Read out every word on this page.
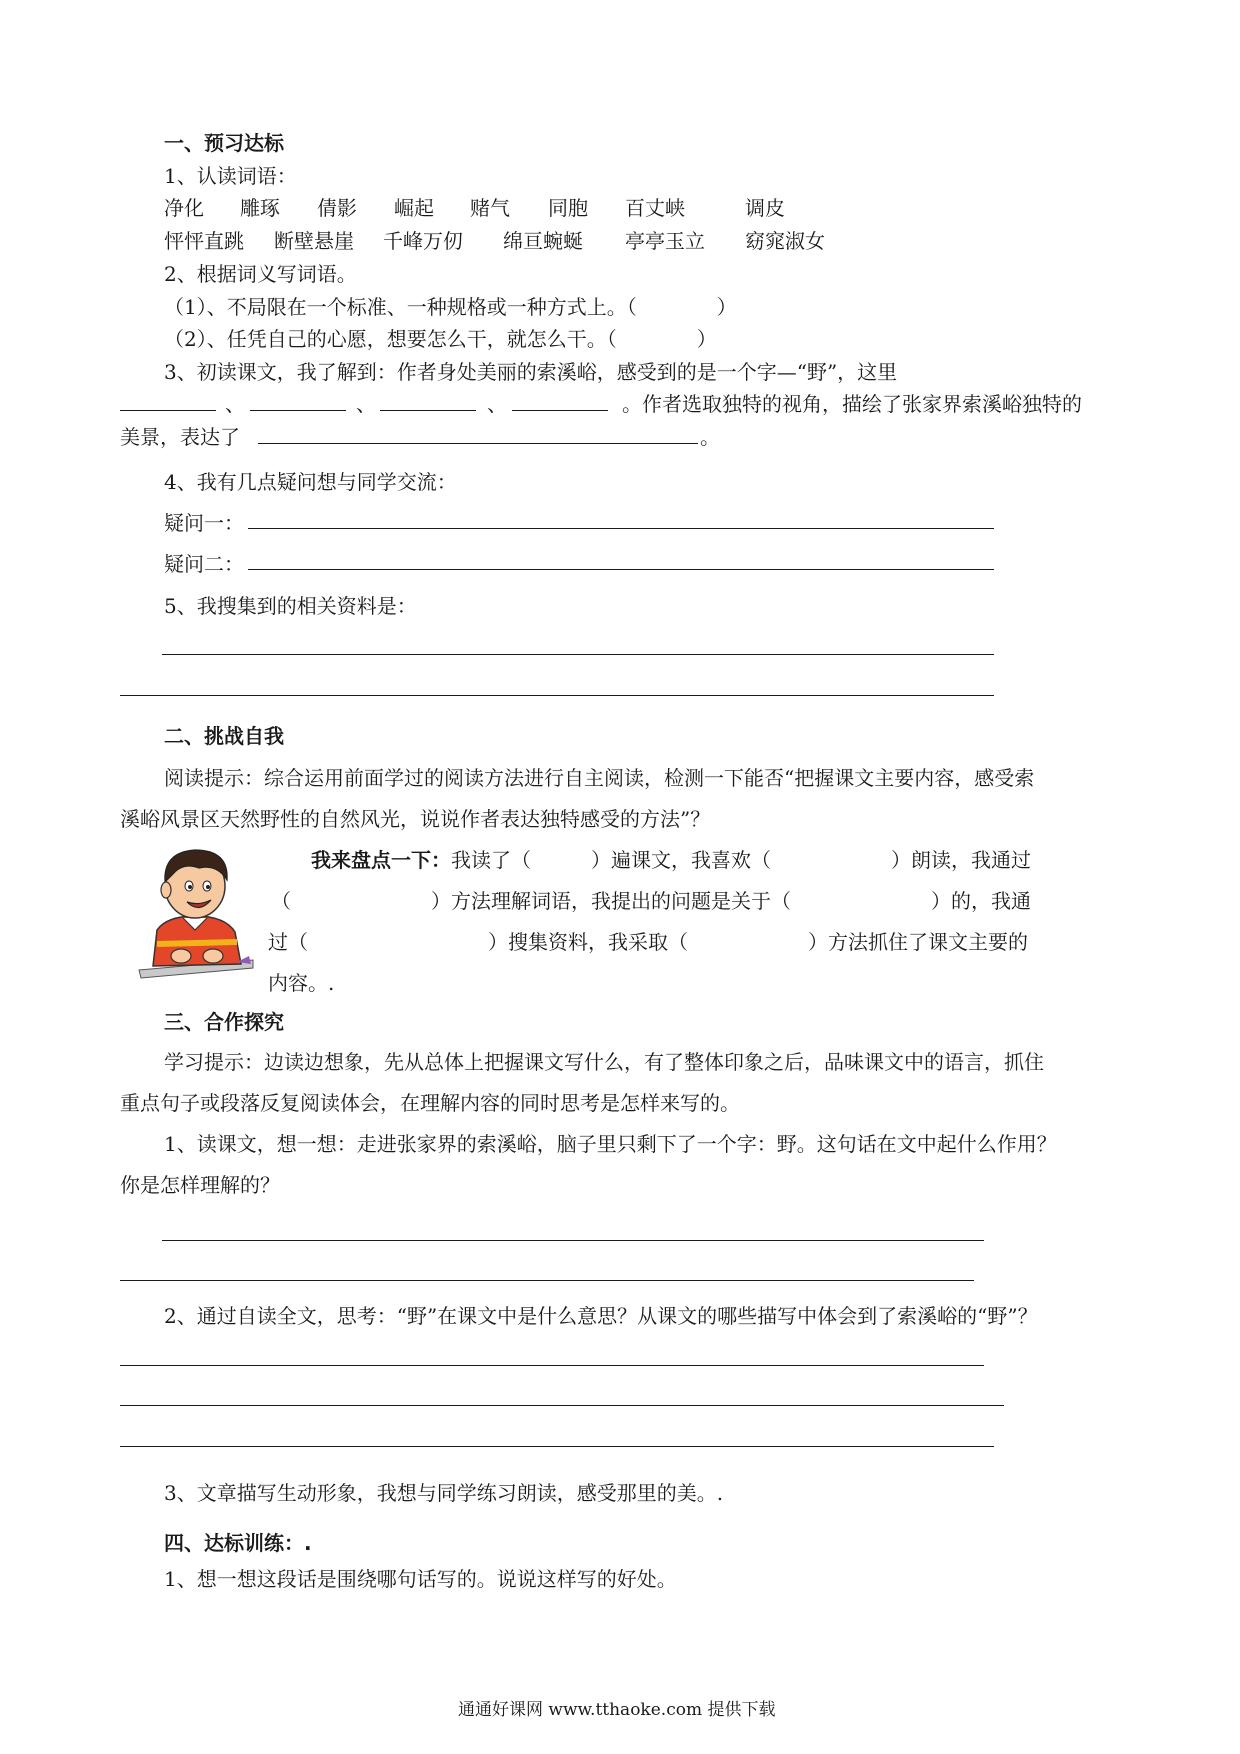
一、预习达标
1、认读词语：
净化 雕琢 倩影 崛起 赌气 同胞 百丈峡	调皮
怦怦直跳 断壁悬崖 千峰万仞 绵亘蜿蜒 亭亭玉立 窈窕淑女
2、根据词义写词语。
（1）、不局限在一个标准、一种规格或一种方式上。（　　　　）
（2）、任凭自己的心愿，想要怎么干，就怎么干。（　　　　）
3、初读课文，我了解到：作者身处美丽的索溪峪，感受到的是一个字—“野”，这里
、	、	、	。作者选取独特的视角，描绘了张家界索溪峪独特的
美景，表达了	。
4、我有几点疑问想与同学交流：
疑问一：
疑问二：
5、我搜集到的相关资料是：
二、挑战自我
阅读提示：综合运用前面学过的阅读方法进行自主阅读，检测一下能否“把握课文主要内容，感受索
溪峪风景区天然野性的自然风光，说说作者表达独特感受的方法”？
我来盘点一下：我读了（　　　）遍课文，我喜欢（　　　　　　）朗读，我通过
（　　　　　　　）方法理解词语，我提出的问题是关于（　　　　　　　）的，我通
过（　　　　　　　　　）搜集资料，我采取（　　　　　　）方法抓住了课文主要的
内容。.
三、合作探究
学习提示：边读边想象，先从总体上把握课文写什么，有了整体印象之后，品味课文中的语言，抓住
重点句子或段落反复阅读体会，在理解内容的同时思考是怎样来写的。
1、读课文，想一想：走进张家界的索溪峪，脑子里只剩下了一个字：野。这句话在文中起什么作用？
你是怎样理解的？
2、通过自读全文，思考：“野”在课文中是什么意思？从课文的哪些描写中体会到了索溪峪的“野”？
3、文章描写生动形象，我想与同学练习朗读，感受那里的美。.
四、达标训练：.
1、想一想这段话是围绕哪句话写的。说说这样写的好处。
通通好课网 www.tthaoke.com 提供下载
